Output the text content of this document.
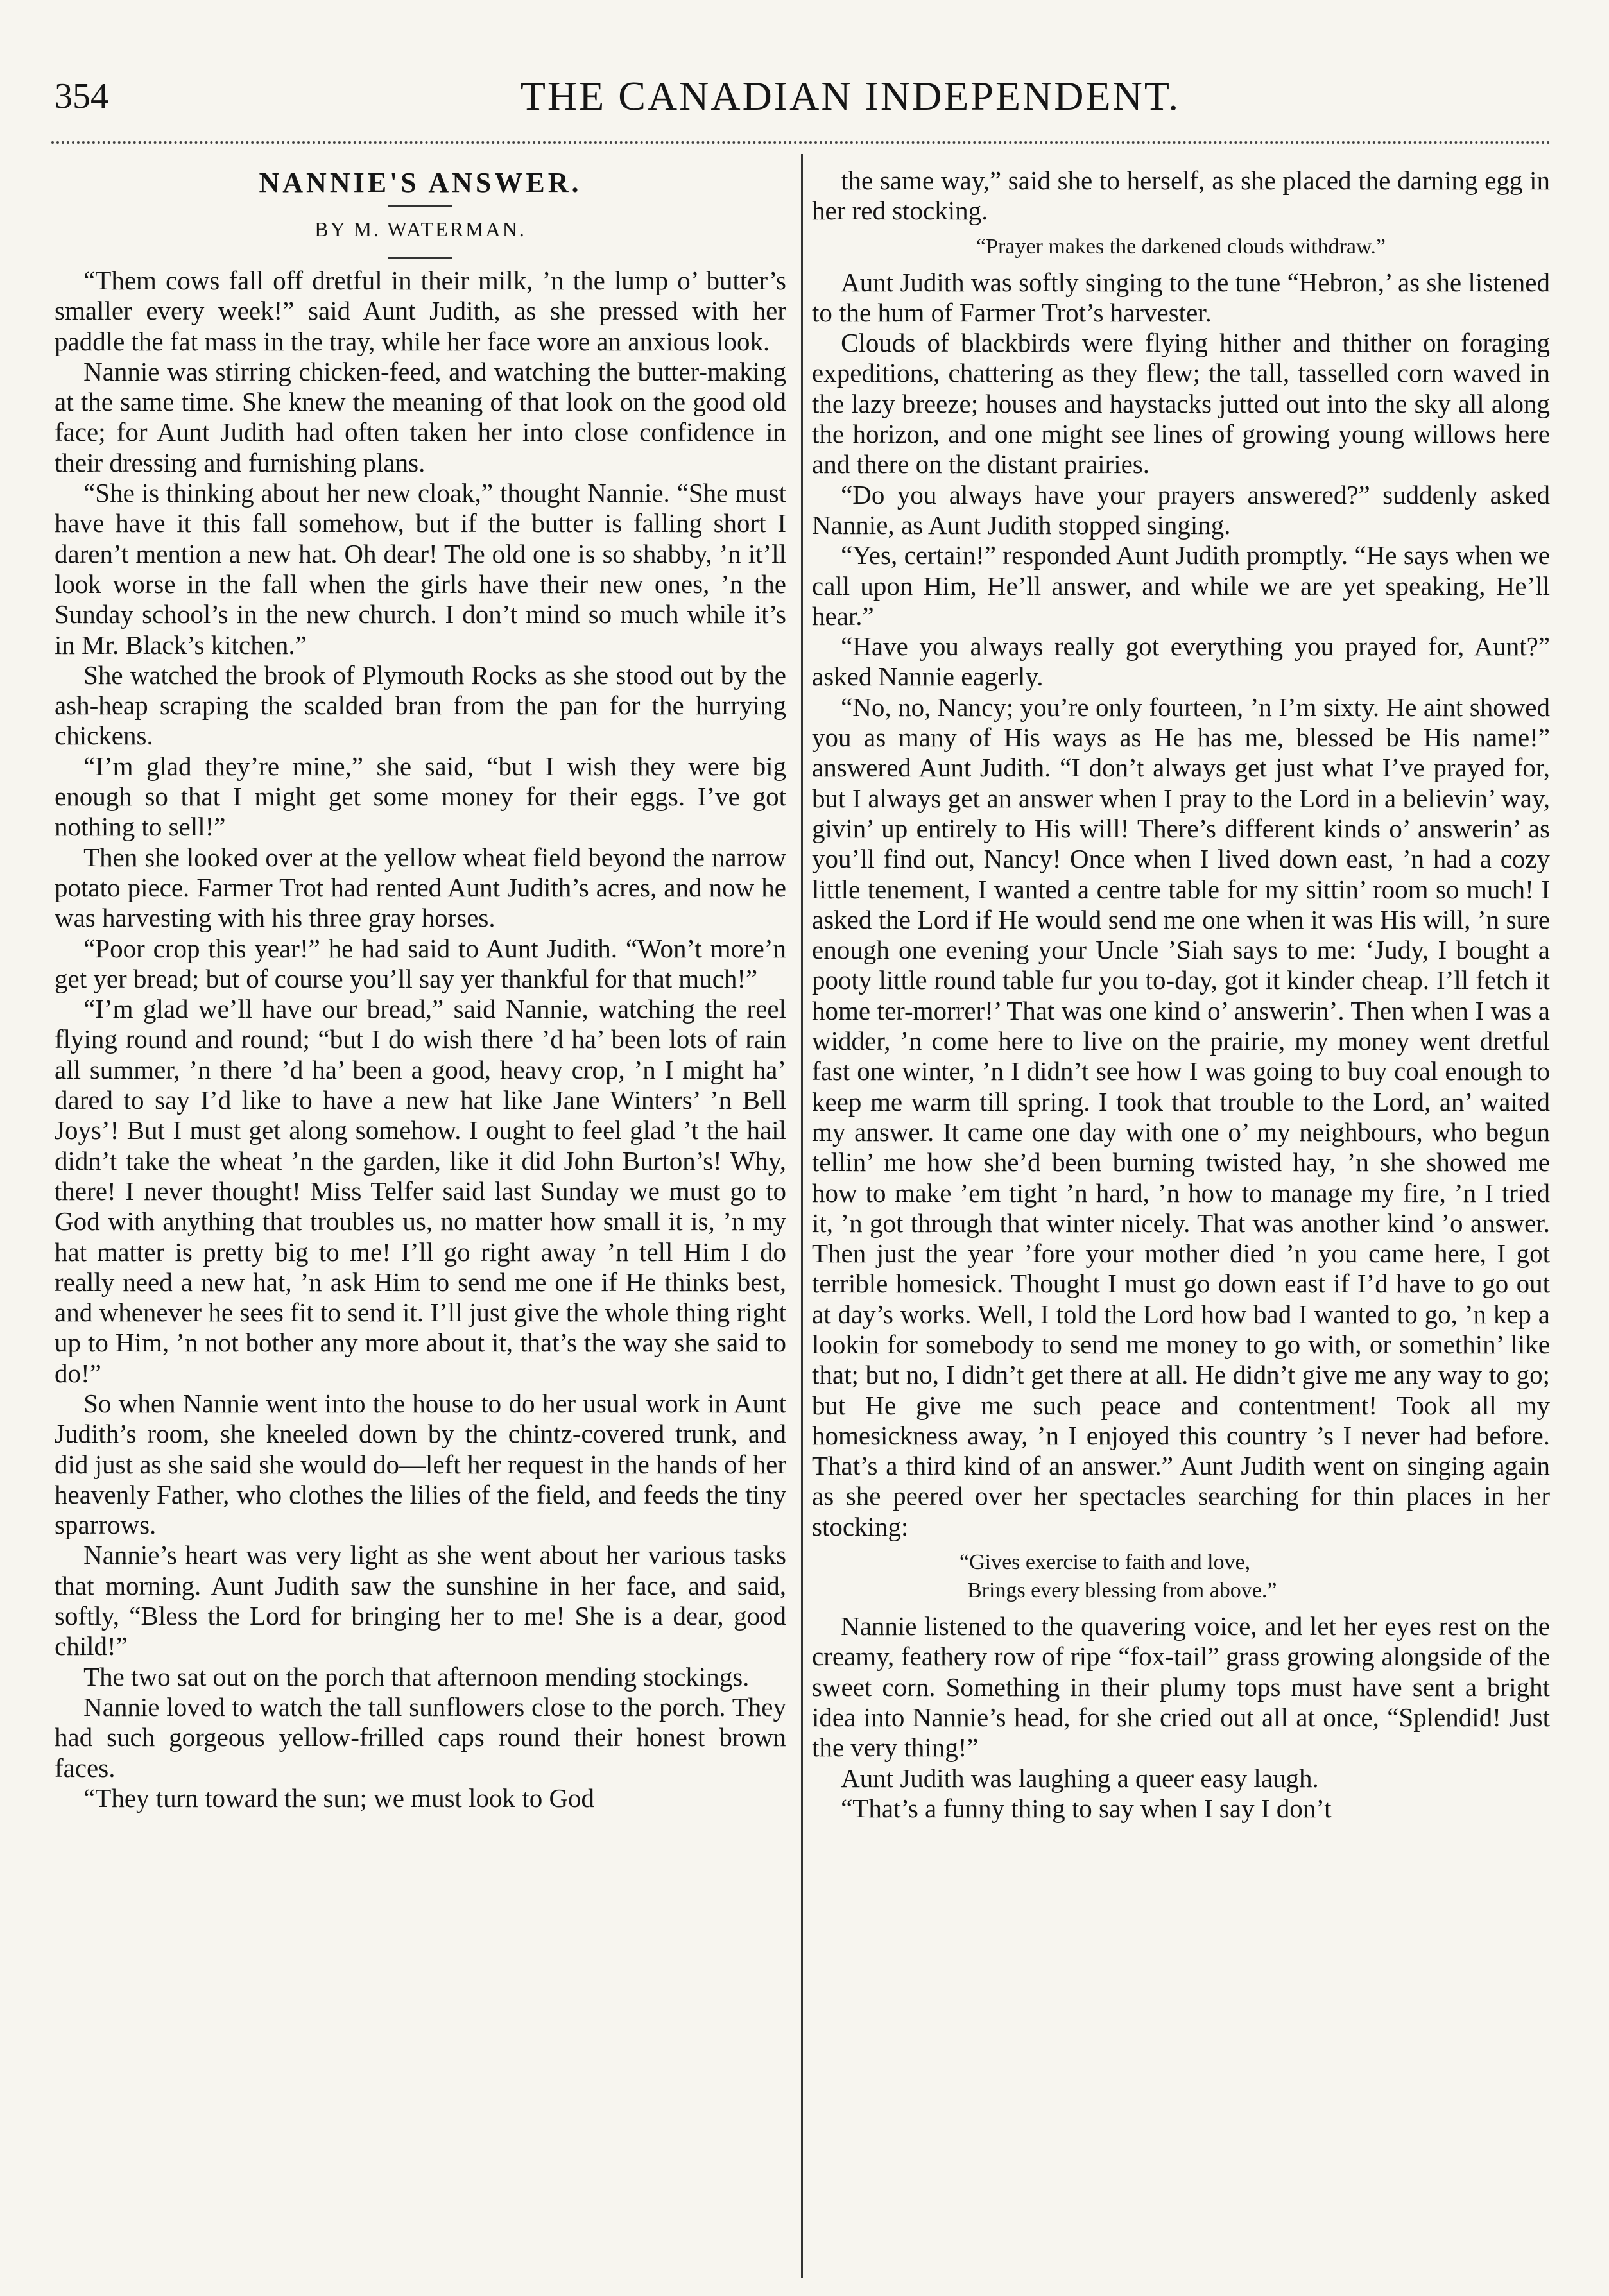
354	THE CANADIAN INDEPENDENT.
NANNIE'S ANSWER.
BY M. WATERMAN.

“Them cows fall off dretful in their milk, ’n the lump o’ butter’s smaller every week!” said Aunt Judith, as she pressed with her paddle the fat mass in the tray, while her face wore an anxious look.

Nannie was stirring chicken-feed, and watching the butter-making at the same time. She knew the meaning of that look on the good old face; for Aunt Judith had often taken her into close confidence in their dressing and furnishing plans.

“She is thinking about her new cloak,” thought Nannie. “She must have have it this fall somehow, but if the butter is falling short I daren’t mention a new hat. Oh dear! The old one is so shabby, ’n it’ll look worse in the fall when the girls have their new ones, ’n the Sunday school’s in the new church. I don’t mind so much while it’s in Mr. Black’s kitchen.”

She watched the brook of Plymouth Rocks as she stood out by the ash-heap scraping the scalded bran from the pan for the hurrying chickens.

“I’m glad they’re mine,” she said, “but I wish they were big enough so that I might get some money for their eggs. I’ve got nothing to sell!”

Then she looked over at the yellow wheat field beyond the narrow potato piece. Farmer Trot had rented Aunt Judith’s acres, and now he was harvesting with his three gray horses.

“Poor crop this year!” he had said to Aunt Judith. “Won’t more’n get yer bread; but of course you’ll say yer thankful for that much!”

“I’m glad we’ll have our bread,” said Nannie, watching the reel flying round and round; “but I do wish there ’d ha’ been lots of rain all summer, ’n there ’d ha’ been a good, heavy crop, ’n I might ha’ dared to say I’d like to have a new hat like Jane Winters’ ’n Bell Joys’! But I must get along somehow. I ought to feel glad ’t the hail didn’t take the wheat ’n the garden, like it did John Burton’s! Why, there! I never thought! Miss Telfer said last Sunday we must go to God with anything that troubles us, no matter how small it is, ’n my hat matter is pretty big to me! I’ll go right away ’n tell Him I do really need a new hat, ’n ask Him to send me one if He thinks best, and whenever he sees fit to send it. I’ll just give the whole thing right up to Him, ’n not bother any more about it, that’s the way she said to do!”

So when Nannie went into the house to do her usual work in Aunt Judith’s room, she kneeled down by the chintz-covered trunk, and did just as she said she would do—left her request in the hands of her heavenly Father, who clothes the lilies of the field, and feeds the tiny sparrows.

Nannie’s heart was very light as she went about her various tasks that morning. Aunt Judith saw the sunshine in her face, and said, softly, “Bless the Lord for bringing her to me! She is a dear, good child!”

The two sat out on the porch that afternoon mending stockings.

Nannie loved to watch the tall sunflowers close to the porch. They had such gorgeous yellow-frilled caps round their honest brown faces.

“They turn toward the sun; we must look to God

the same way,” said she to herself, as she placed the darning egg in her red stocking.

“Prayer makes the darkened clouds withdraw.”

Aunt Judith was softly singing to the tune “Hebron,’ as she listened to the hum of Farmer Trot’s harvester.

Clouds of blackbirds were flying hither and thither on foraging expeditions, chattering as they flew; the tall, tasselled corn waved in the lazy breeze; houses and haystacks jutted out into the sky all along the horizon, and one might see lines of growing young willows here and there on the distant prairies.

“Do you always have your prayers answered?” suddenly asked Nannie, as Aunt Judith stopped singing.

“Yes, certain!” responded Aunt Judith promptly. “He says when we call upon Him, He’ll answer, and while we are yet speaking, He’ll hear.”

“Have you always really got everything you prayed for, Aunt?” asked Nannie eagerly.

“No, no, Nancy; you’re only fourteen, ’n I’m sixty. He aint showed you as many of His ways as He has me, blessed be His name!” answered Aunt Judith. “I don’t always get just what I’ve prayed for, but I always get an answer when I pray to the Lord in a believin’ way, givin’ up entirely to His will! There’s different kinds o’ answerin’ as you’ll find out, Nancy! Once when I lived down east, ’n had a cozy little tenement, I wanted a centre table for my sittin’ room so much! I asked the Lord if He would send me one when it was His will, ’n sure enough one evening your Uncle ’Siah says to me: ‘Judy, I bought a pooty little round table fur you to-day, got it kinder cheap. I’ll fetch it home ter-morrer!’ That was one kind o’ answerin’. Then when I was a widder, ’n come here to live on the prairie, my money went dretful fast one winter, ’n I didn’t see how I was going to buy coal enough to keep me warm till spring. I took that trouble to the Lord, an’ waited my answer. It came one day with one o’ my neighbours, who begun tellin’ me how she’d been burning twisted hay, ’n she showed me how to make ’em tight ’n hard, ’n how to manage my fire, ’n I tried it, ’n got through that winter nicely. That was another kind ’o answer. Then just the year ’fore your mother died ’n you came here, I got terrible homesick. Thought I must go down east if I’d have to go out at day’s works. Well, I told the Lord how bad I wanted to go, ’n kep a lookin for somebody to send me money to go with, or somethin’ like that; but no, I didn’t get there at all. He didn’t give me any way to go; but He give me such peace and contentment! Took all my homesickness away, ’n I enjoyed this country ’s I never had before. That’s a third kind of an answer.” Aunt Judith went on singing again as she peered over her spectacles searching for thin places in her stocking:

“Gives exercise to faith and love,
Brings every blessing from above.”

Nannie listened to the quavering voice, and let her eyes rest on the creamy, feathery row of ripe “fox-tail” grass growing alongside of the sweet corn. Something in their plumy tops must have sent a bright idea into Nannie’s head, for she cried out all at once, “Splendid! Just the very thing!”

Aunt Judith was laughing a queer easy laugh.

“That’s a funny thing to say when I say I don’t
